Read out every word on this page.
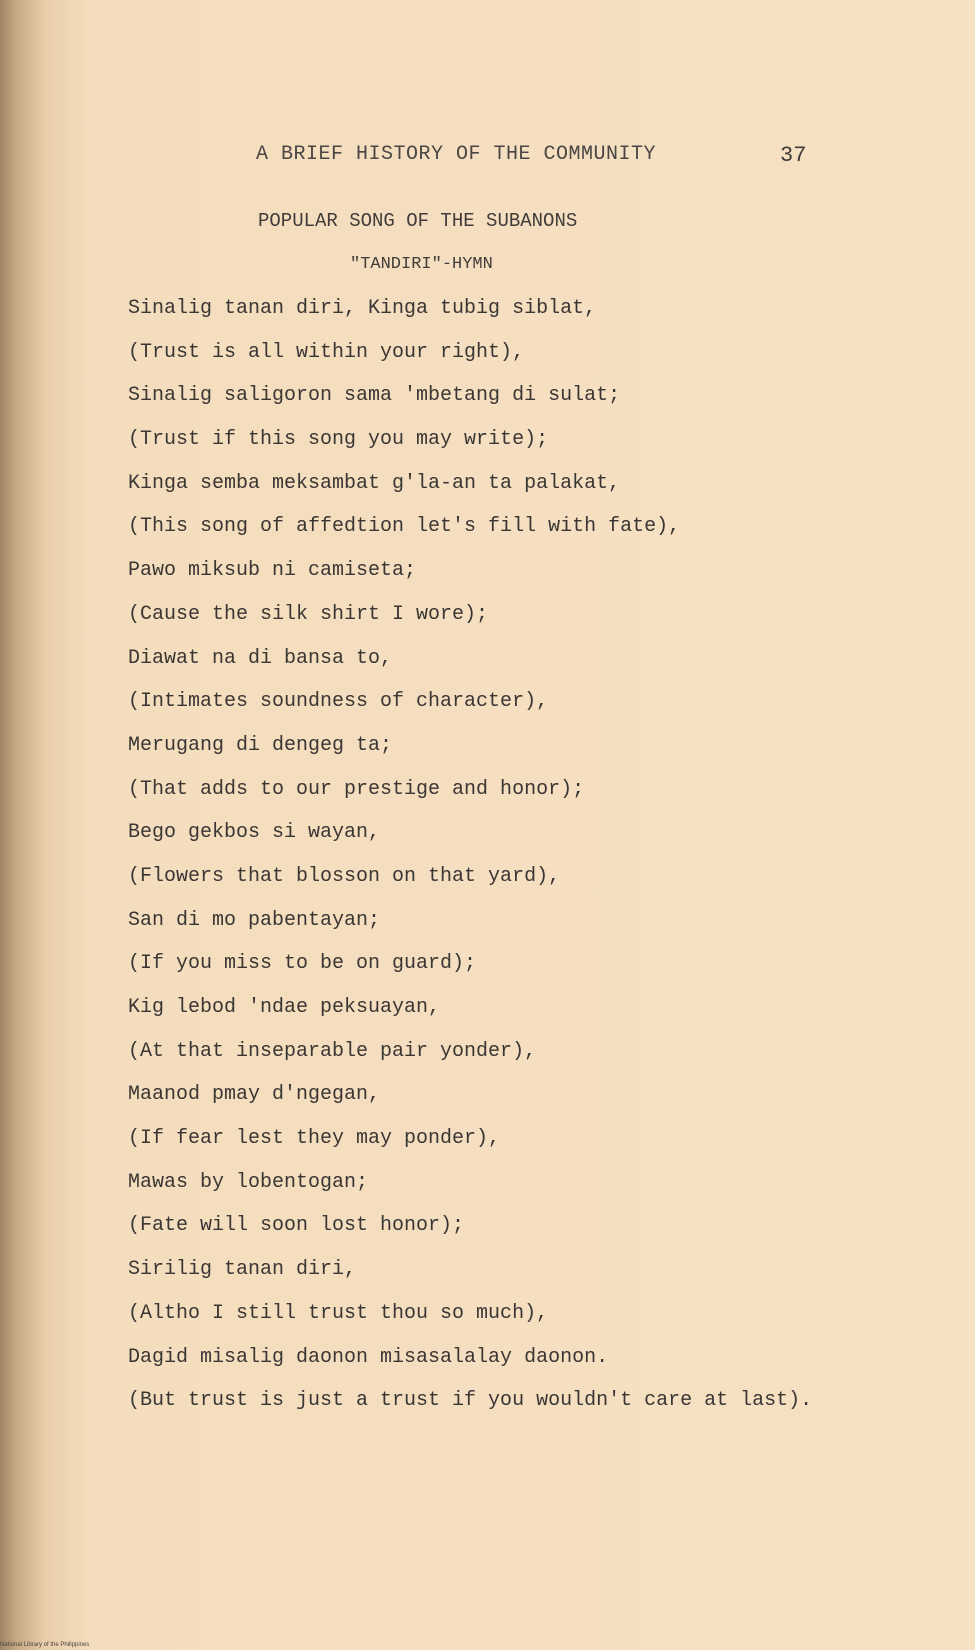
A BRIEF HISTORY OF THE COMMUNITY	37
POPULAR SONG OF THE SUBANONS
"TANDIRI"-HYMN
Sinalig tanan diri, Kinga tubig siblat,
(Trust is all within your right),
Sinalig saligoron sama 'mbetang di sulat;
(Trust if this song you may write);
Kinga semba meksambat g'la-an ta palakat,
(This song of affedtion let's fill with fate),
Pawo miksub ni camiseta;
(Cause the silk shirt I wore);
Diawat na di bansa to,
(Intimates soundness of character),
Merugang di dengeg ta;
(That adds to our prestige and honor);
Bego gekbos si wayan,
(Flowers that blosson on that yard),
San di mo pabentayan;
(If you miss to be on guard);
Kig lebod 'ndae peksuayan,
(At that inseparable pair yonder),
Maanod pmay d'ngegan,
(If fear lest they may ponder),
Mawas by lobentogan;
(Fate will soon lost honor);
Sirilig tanan diri,
(Altho I still trust thou so much),
Dagid misalig daonon misasalalay daonon.
(But trust is just a trust if you wouldn't care at last).
National Library of the Philippines
